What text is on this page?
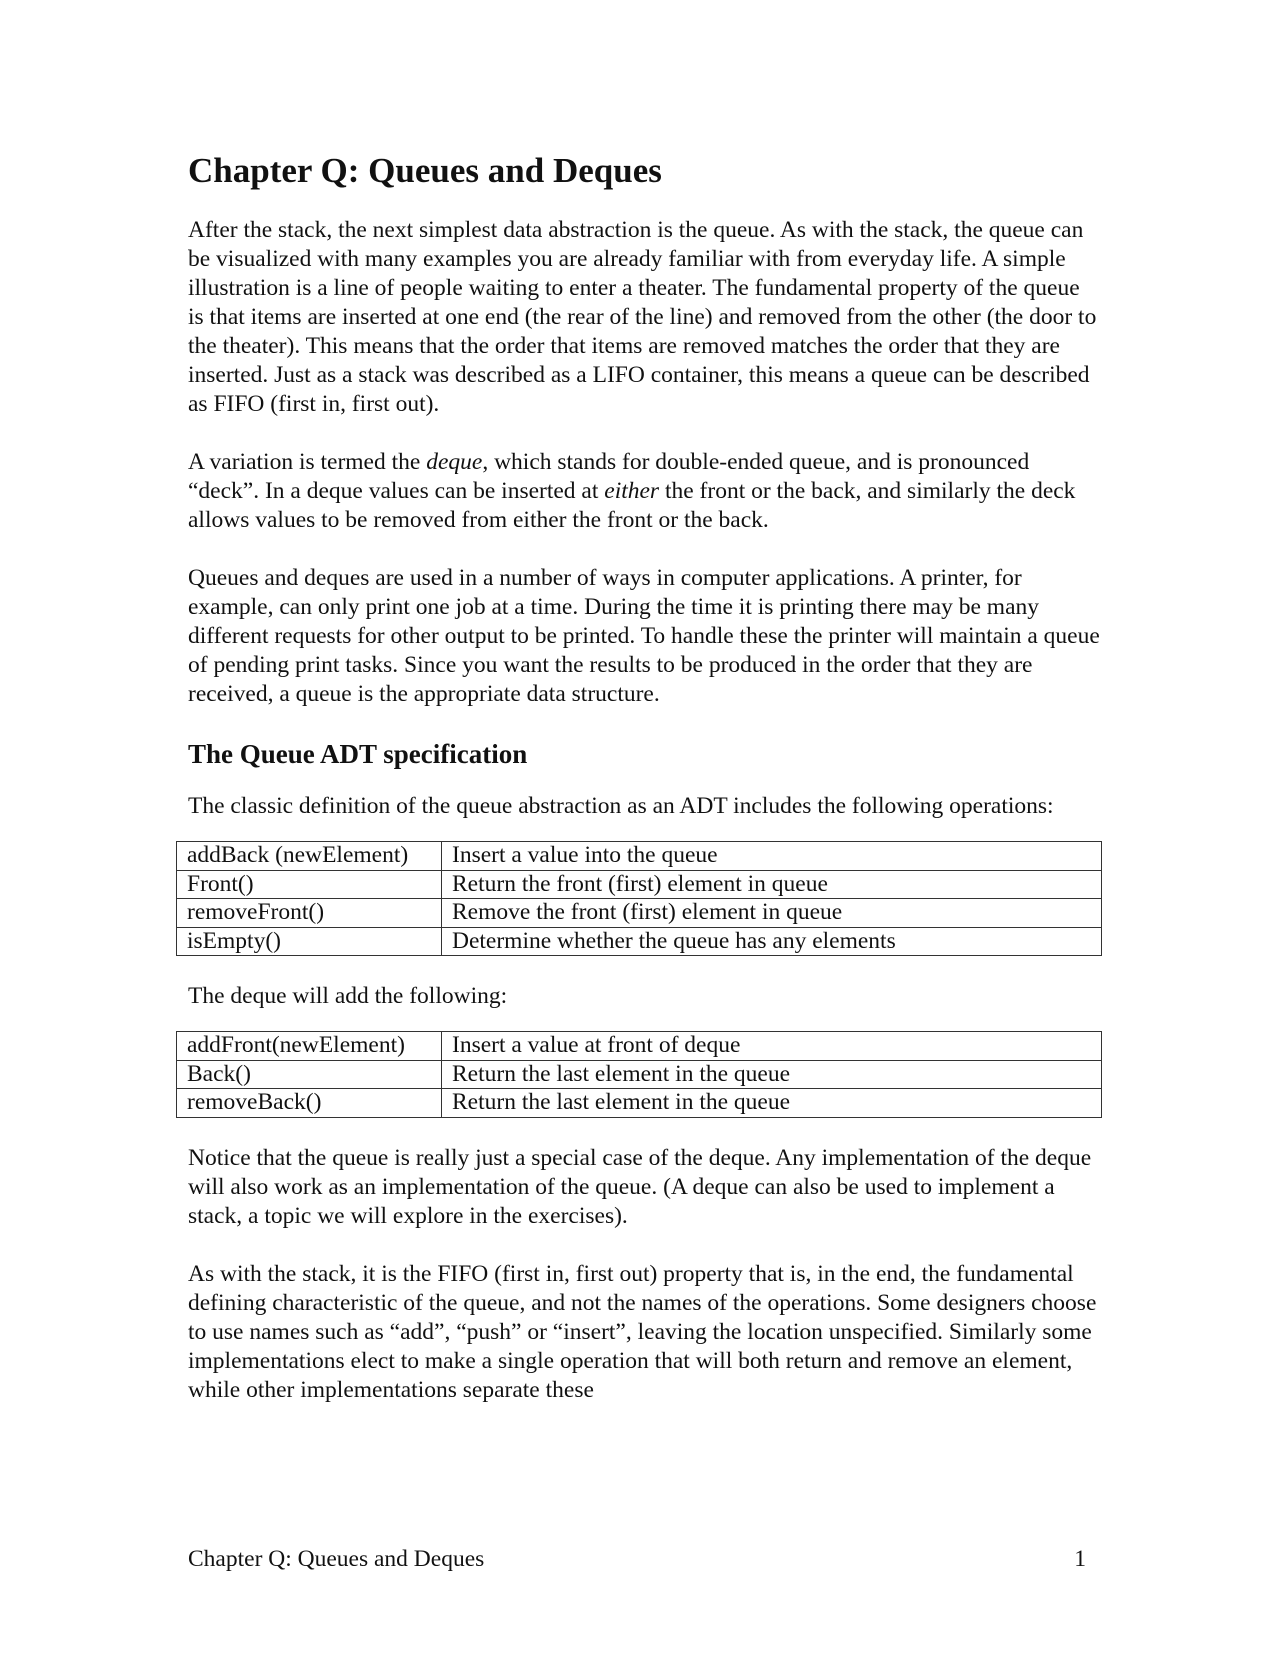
Chapter Q: Queues and Deques

After the stack, the next simplest data abstraction is the queue. As with the stack, the queue can be visualized with many examples you are already familiar with from everyday life. A simple illustration is a line of people waiting to enter a theater. The fundamental property of the queue is that items are inserted at one end (the rear of the line) and removed from the other (the door to the theater). This means that the order that items are removed matches the order that they are inserted. Just as a stack was described as a LIFO container, this means a queue can be described as FIFO (first in, first out).

A variation is termed the deque, which stands for double-ended queue, and is pronounced “deck”. In a deque values can be inserted at either the front or the back, and similarly the deck allows values to be removed from either the front or the back.

Queues and deques are used in a number of ways in computer applications. A printer, for example, can only print one job at a time. During the time it is printing there may be many different requests for other output to be printed. To handle these the printer will maintain a queue of pending print tasks. Since you want the results to be produced in the order that they are received, a queue is the appropriate data structure.

The Queue ADT specification

The classic definition of the queue abstraction as an ADT includes the following operations:

addBack (newElement)	Insert a value into the queue
Front()	Return the front (first) element in queue
removeFront()	Remove the front (first) element in queue
isEmpty()	Determine whether the queue has any elements

The deque will add the following:

addFront(newElement)	Insert a value at front of deque
Back()	Return the last element in the queue
removeBack()	Return the last element in the queue

Notice that the queue is really just a special case of the deque. Any implementation of the deque will also work as an implementation of the queue. (A deque can also be used to implement a stack, a topic we will explore in the exercises).

As with the stack, it is the FIFO (first in, first out) property that is, in the end, the fundamental defining characteristic of the queue, and not the names of the operations. Some designers choose to use names such as “add”, “push” or “insert”, leaving the location unspecified. Similarly some implementations elect to make a single operation that will both return and remove an element, while other implementations separate these

Chapter Q: Queues and Deques	1
